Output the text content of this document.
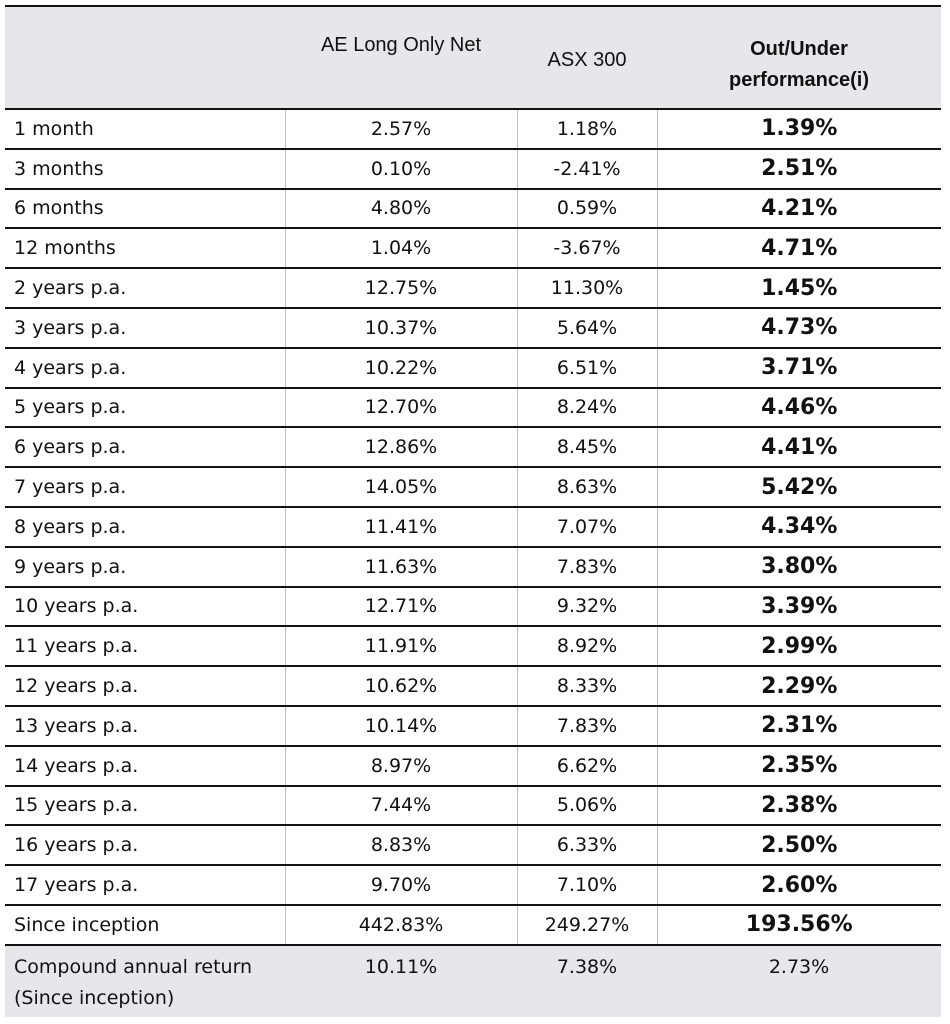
	AE Long Only Net	ASX 300	Out/Under
performance(i)

1 month	2.57%	1.18%	1.39%
3 months	0.10%	-2.41%	2.51%
6 months	4.80%	0.59%	4.21%
12 months	1.04%	-3.67%	4.71%
2 years p.a.	12.75%	11.30%	1.45%
3 years p.a.	10.37%	5.64%	4.73%
4 years p.a.	10.22%	6.51%	3.71%
5 years p.a.	12.70%	8.24%	4.46%
6 years p.a.	12.86%	8.45%	4.41%
7 years p.a.	14.05%	8.63%	5.42%
8 years p.a.	11.41%	7.07%	4.34%
9 years p.a.	11.63%	7.83%	3.80%
10 years p.a.	12.71%	9.32%	3.39%
11 years p.a.	11.91%	8.92%	2.99%
12 years p.a.	10.62%	8.33%	2.29%
13 years p.a.	10.14%	7.83%	2.31%
14 years p.a.	8.97%	6.62%	2.35%
15 years p.a.	7.44%	5.06%	2.38%
16 years p.a.	8.83%	6.33%	2.50%
17 years p.a.	9.70%	7.10%	2.60%
Since inception	442.83%	249.27%	193.56%

Compound annual return
(Since inception)	10.11%	7.38%	2.73%
